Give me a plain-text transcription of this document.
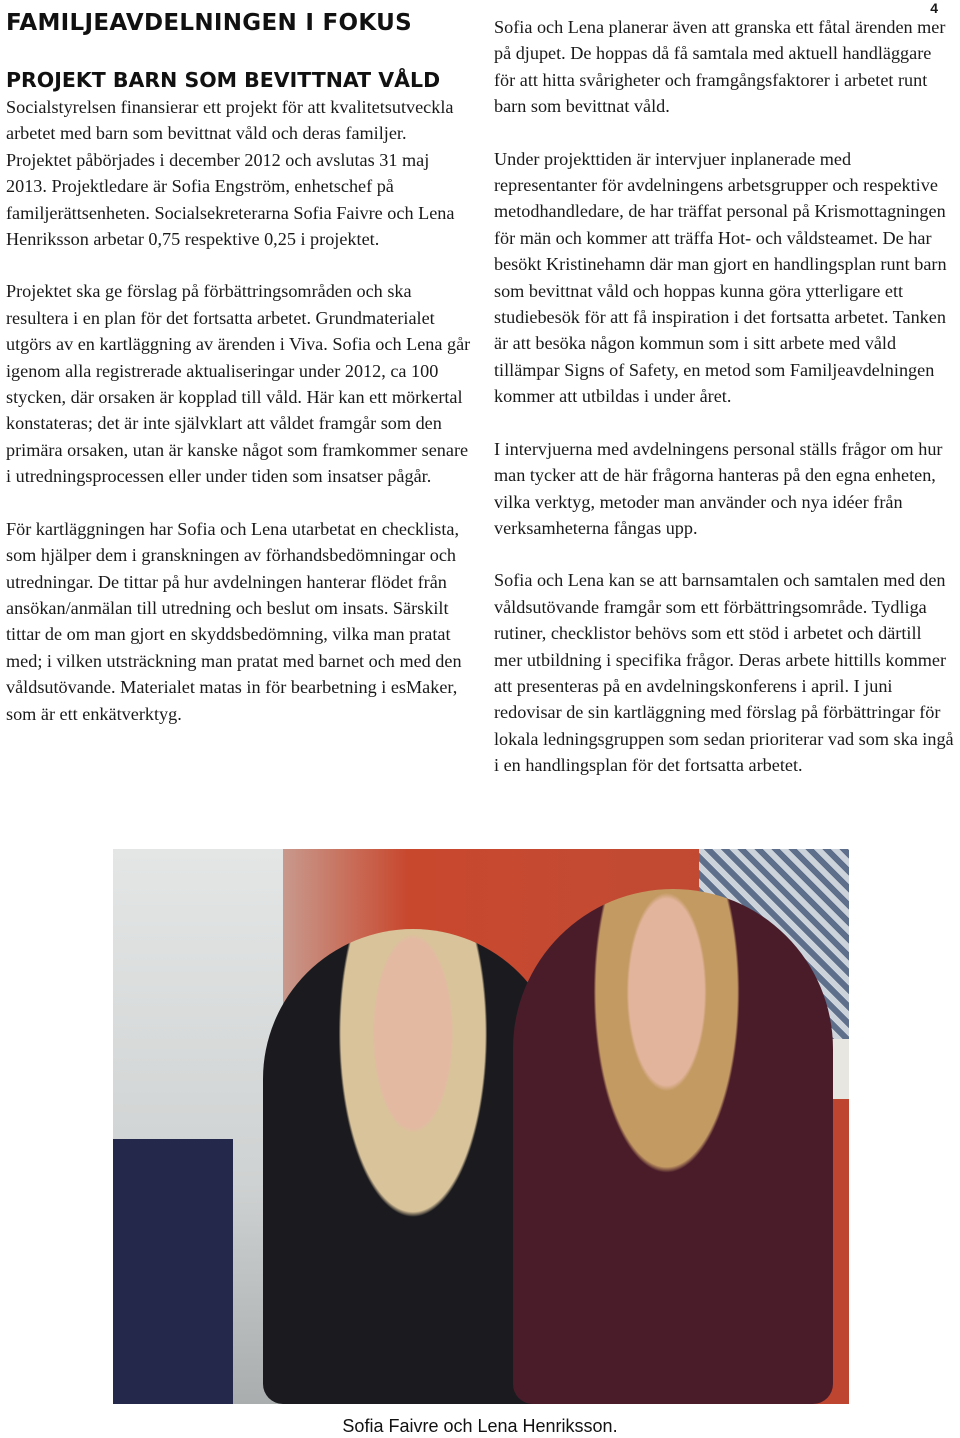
4
FAMILJEAVDELNINGEN I FOKUS
PROJEKT BARN SOM BEVITTNAT VÅLD

Socialstyrelsen finansierar ett projekt för att kvalitetsutveckla arbetet med barn som bevittnat våld och deras familjer. Projektet påbörjades i december 2012 och avslutas 31 maj 2013. Projektledare är Sofia Engström, enhetschef på familjerättsenheten. Socialsekreterarna Sofia Faivre och Lena Henriksson arbetar 0,75 respektive 0,25 i projektet.

Projektet ska ge förslag på förbättringsområden och ska resultera i en plan för det fortsatta arbetet. Grundmaterialet utgörs av en kartläggning av ärenden i Viva. Sofia och Lena går igenom alla registrerade aktualiseringar under 2012, ca 100 stycken, där orsaken är kopplad till våld. Här kan ett mörkertal konstateras; det är inte självklart att våldet framgår som den primära orsaken, utan är kanske något som framkommer senare i utredningsprocessen eller under tiden som insatser pågår.

För kartläggningen har Sofia och Lena utarbetat en checklista, som hjälper dem i granskningen av förhandsbedömningar och utredningar. De tittar på hur avdelningen hanterar flödet från ansökan/anmälan till utredning och beslut om insats. Särskilt tittar de om man gjort en skyddsbedömning, vilka man pratat med; i vilken utsträckning man pratat med barnet och med den våldsutövande. Materialet matas in för bearbetning i esMaker, som är ett enkätverktyg.

Sofia och Lena planerar även att granska ett fåtal ärenden mer på djupet. De hoppas då få samtala med aktuell handläggare för att hitta svårigheter och framgångsfaktorer i arbetet runt barn som bevittnat våld.

Under projekttiden är intervjuer inplanerade med representanter för avdelningens arbetsgrupper och respektive metodhandledare, de har träffat personal på Krismottagningen för män och kommer att träffa Hot- och våldsteamet. De har besökt Kristinehamn där man gjort en handlingsplan runt barn som bevittnat våld och hoppas kunna göra ytterligare ett studiebesök för att få inspiration i det fortsatta arbetet. Tanken är att besöka någon kommun som i sitt arbete med våld tillämpar Signs of Safety, en metod som Familjeavdelningen kommer att utbildas i under året.

I intervjuerna med avdelningens personal ställs frågor om hur man tycker att de här frågorna hanteras på den egna enheten, vilka verktyg, metoder man använder och nya idéer från verksamheterna fångas upp.

Sofia och Lena kan se att barnsamtalen och samtalen med den våldsutövande framgår som ett förbättringsområde. Tydliga rutiner, checklistor behövs som ett stöd i arbetet och därtill mer utbildning i specifika frågor. Deras arbete hittills kommer att presenteras på en avdelningskonferens i april. I juni redovisar de sin kartläggning med förslag på förbättringar för lokala ledningsgruppen som sedan prioriterar vad som ska ingå i en handlingsplan för det fortsatta arbetet.

Sofia Faivre och Lena Henriksson.
